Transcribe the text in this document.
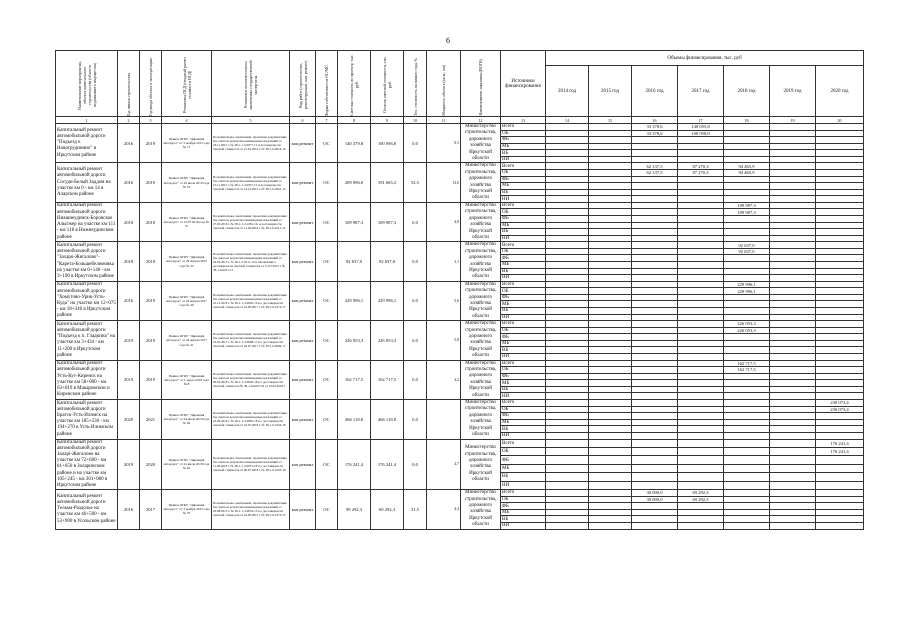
6
Наименование мероприятия, объекта капитального строительства (объекта недвижимого имущества)	Год начала строительства	Год ввода объекта в эксплуатацию	Реквизиты ПСД (сводный расчет стоимости ПСД)	Реквизиты положительного заключения государственной экспертизы	Вид работ (строительство, реконструкция, кап. ремонт)	Форма собственности ОС/МС	Сметная стоимость по проекту, тыс. руб.	Остаток сметной стоимости, тыс. руб.	Тех. готовность на начало года, %	Мощность объекта (кв.м., км)	Наименование заказчика (ИОГВ)	Источники финансирования	Объемы финансирования, тыс. руб						
													2014 год	2015 год	2016 год	2017 год	2018 год	2019 год	2020 год
1	2	3	4	5	6	7	8	9	10	11	12	13	14	15	16	17	18	19	20
Капитальный ремонт автомобильной дороги "Подъезд к Новогрудинино" в Иркутском районе	2016	2019	Приказ ОГКУ "Дирекция автодорог" от 3 ноября 2015 года № 71	Положительное заключение: проектная документация без сметы и результаты инженерных изысканий от 18.11.2015 г. № 38-1-1-3-0077-15 и достоверности сметной стоимости от 27.01.2016 г. № 38-1-6-0014-16	кап.ремонт	ОС	140 379,8	100 096,8	0,0	0,5	Министерство строительства, дорожного хозяйства Иркутской области	Всего			33 378,6	140 055,8			
												ОБ			33 378,6	100 958,8			
												ФБ							
												МБ							
												ВБ							
												НИ							
Капитальный ремонт автомобильной дороги Сосуди-Белый Заддом на участке км 0 - км 14 в Аларском районе	2016	2019	Приказ ОГКУ "Дирекция автодорог" от 29 июля 2016 года № 55	Положительное заключение: проектная документация без сметы и результаты инженерных изысканий от 13.11.2015 г. № 38-1-1-3-0057-15 и достоверности сметной стоимости от 14.12.2015 г. № 38-1-6-0291-15	кап.ремонт	ОС	209 996,0	191 665,2	52,5	13,0	Министерство строительства, дорожного хозяйства Иркутской области	Всего			62 137,5	87 270,3	94 465,9		
												ОБ			62 137,5	87 270,3	94 465,9		
												ФБ							
												МБ							
												ВБ							
												НИ							
Капитальный ремонт автомобильной дороги Ниашнеудинск-Боровское Алыгжер на участке км 111 - км 118 в Нижнеудинском районе	2018	2018	Приказ ОГКУ "Дирекция автодорог" от 13.07.2016 года № 57	Положительное заключение: проектная документация без сметы и результаты инженерных изысканий от 27.03.2016 г. № 38-1-1-3-1081-16, и достоверности сметной стоимости от 12.04.2016 г. № 38-1-6-0111-16	кап.ремонт	ОС	109 987,3	109 987,3	0,0	4,8	Министерство строительства, дорожного хозяйства Иркутской области	Всего					109 987,3		
												ОБ					109 987,3		
												ФБ							
												МБ							
												ВБ							
												НИ							
Капитальный ремонт автомобильной дороги "Захаро-Жигалово"-"Карета-Большебелимовка на участке км 0+140 - км 3+190 в Иркутском районе	2018	2018	Приказ ОГКУ "Дирекция автодорог" от 29 апреля 2015 года № 32	Положительное заключение: проектная документация без сметы и результаты инженерных изысканий от 24.03.2015 г. № 38-1-5-0211-15 и заключение о достоверности сметной стоимости от 11.03.2015 г. № 38-1-6-0051-15	кап.ремонт	ОС	92 637,0	92 637,0	0,0	3,1	Министерство строительства, дорожного хозяйства Иркутской области	Всего					92 637,0		
												ОБ					92 637,0		
												ФБ							
												МБ							
												ВБ							
												НИ							
Капитальный ремонт автомобильной дороги "Хомутово-Урик-Усть-Куда" на участке км 12+075 - км 18+346 в Иркутском районе	2016	2019	Приказ ОГКУ "Дирекция автодорог" от 24 апреля 2017 года № 40	Положительное заключение: проектная документация без сметы и результаты инженерных изысканий от 10.12.2016 г. № 38-1-1-3-0095-16 и о достоверности сметной стоимости от 22.09.2017 г. № 38-1-6-0174-17	кап.ремонт	ОС	229 996,1	229 996,1	0,0	5,6	Министерство строительства, дорожного хозяйства Иркутской области	Всего					229 996,1		
												ОБ					229 996,1		
												ФБ							
												МБ							
												ВБ							
												НИ							
Капитальный ремонт автомобильной дороги "Подъезд к п. Гладкина" на участке км 3+434 - км 11+200 в Иркутском районе	2019	2019	Приказ ОГКУ "Дирекция автодорог" от 24 апреля 2017 года № 41	Положительное заключение: проектная документация без сметы и результаты инженерных изысканий от 23.05.2017 г. № 38-1-1-3-0068-17 и о достоверности сметной стоимости от 20.07.2017 г. № 38-1-6-0082-17	кап.ремонт	ОС	226 053,3	226 053,3	0,0	5,8	Министерство строительства, дорожного хозяйства Иркутской области	Всего					226 053,3		
												ОБ					226 053,3		
												ФБ							
												МБ							
												ВБ							
												НИ							
Капитальный ремонт автомобильной дороги Усть-Кут-Киренск на участке км 58+000 - км 63+019 в Макаровском и Киренском районе	2019	2019	Приказ ОГКУ "Дирекция автодорог" от 1 марта 2018 года № 8	Положительное заключение: проектная документация без сметы и результаты инженерных изысканий от 09.02.2018 г. № 38-1-1-3-0020-18 и о достоверности сметной стоимости № 38-1-6-0010-18 от 19.02.2018 г.	кап.ремонт	ОС	162 717,5	162 717,5	0,0	4,2	Министерство строительства, дорожного хозяйства Иркутской области	Всего					162 717,5		
												ОБ					162 717,5		
												ФБ							
												МБ							
												ВБ							
												НИ							
Капитальный ремонт автомобильной дороги Братск-Усть-Илимск на участке км 185+230 - км 194+270 в Усть-Илимском районе	2020	2021	Приказ ОГКУ "Дирекция автодорог" от 24 июля 2018 года № 84	Положительное заключение: проектная документация без сметы и результаты инженерных изысканий от 22.06.2018 г. № 38-1-1-3-0085-18 и о достоверности сметной стоимости от 16.07.2018 г. № 38-1-6-0166-18	кап.ремонт	ОС	466 118,8	466 118,8	0,0		Министерство строительства, дорожного хозяйства Иркутской области	Всего							230 073,4
												ОБ							230 073,4
												ФБ							
												МБ							
												ВБ							
												НИ							
Капитальный ремонт автомобильной дороги Заларі-Жигалово на участке км 72+600 - км 81+650 в Заларинском районе и на участке км 105+245 - км 201+080 в Иркутском районе	2019	2020	Приказ ОГКУ "Дирекция автодорог" от 24 июля 2018 года № 82	Положительное заключение: проектная документация без сметы и результаты инженерных изысканий от 11.06.2018 г. № 38-1-1-3-0075-18 и о достоверности сметной стоимости от 06.07.2018 г. № 38-1-6-0163-18	кап.ремонт	ОС	176 241,4	176 241,4	0,0	4,7	Министерство строительства, дорожного хозяйства Иркутской области	Всего							176 241,4
												ОБ							176 241,4
												ФБ							
												МБ							
												ВБ							
												НИ							
Капитальный ремонт автомобильной дороги Тельма-Раздолье на участке км 46+500 - км 53+900 в Усольском районе	2016	2017	Приказ ОГКУ "Дирекция автодорог" от 3 ноября 2015 года № 70	Положительное заключение: проектная документация без сметы и результаты инженерных изысканий от 20.08.2015 г. № 38-1-1-3-0053-15 и о достоверности сметной стоимости от 24.09.2015 г. № 38-1-6-0170-15	кап.ремонт	ОС	99 292,3	69 292,3	31,5	4,4	Министерство строительства, дорожного хозяйства Иркутской области	Всего			30 000,0	69 292,3			
												ОБ			30 000,0	69 292,3			
												ФБ							
												МБ							
												ВБ							
												НИ							
